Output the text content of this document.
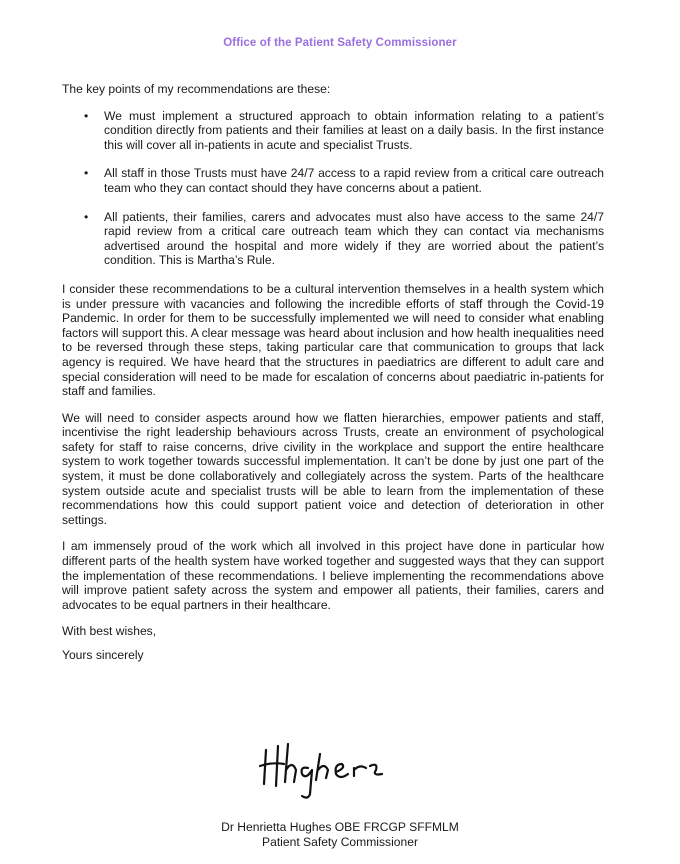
Office of the Patient Safety Commissioner

The key points of my recommendations are these:

• We must implement a structured approach to obtain information relating to a patient’s condition directly from patients and their families at least on a daily basis. In the first instance this will cover all in-patients in acute and specialist Trusts.
• All staff in those Trusts must have 24/7 access to a rapid review from a critical care outreach team who they can contact should they have concerns about a patient.
• All patients, their families, carers and advocates must also have access to the same 24/7 rapid review from a critical care outreach team which they can contact via mechanisms advertised around the hospital and more widely if they are worried about the patient’s condition. This is Martha’s Rule.

I consider these recommendations to be a cultural intervention themselves in a health system which is under pressure with vacancies and following the incredible efforts of staff through the Covid-19 Pandemic. In order for them to be successfully implemented we will need to consider what enabling factors will support this. A clear message was heard about inclusion and how health inequalities need to be reversed through these steps, taking particular care that communication to groups that lack agency is required. We have heard that the structures in paediatrics are different to adult care and special consideration will need to be made for escalation of concerns about paediatric in-patients for staff and families.

We will need to consider aspects around how we flatten hierarchies, empower patients and staff, incentivise the right leadership behaviours across Trusts, create an environment of psychological safety for staff to raise concerns, drive civility in the workplace and support the entire healthcare system to work together towards successful implementation. It can’t be done by just one part of the system, it must be done collaboratively and collegiately across the system. Parts of the healthcare system outside acute and specialist trusts will be able to learn from the implementation of these recommendations how this could support patient voice and detection of deterioration in other settings.

I am immensely proud of the work which all involved in this project have done in particular how different parts of the health system have worked together and suggested ways that they can support the implementation of these recommendations. I believe implementing the recommendations above will improve patient safety across the system and empower all patients, their families, carers and advocates to be equal partners in their healthcare.

With best wishes,

Yours sincerely

Dr Henrietta Hughes OBE FRCGP SFFMLM
Patient Safety Commissioner
